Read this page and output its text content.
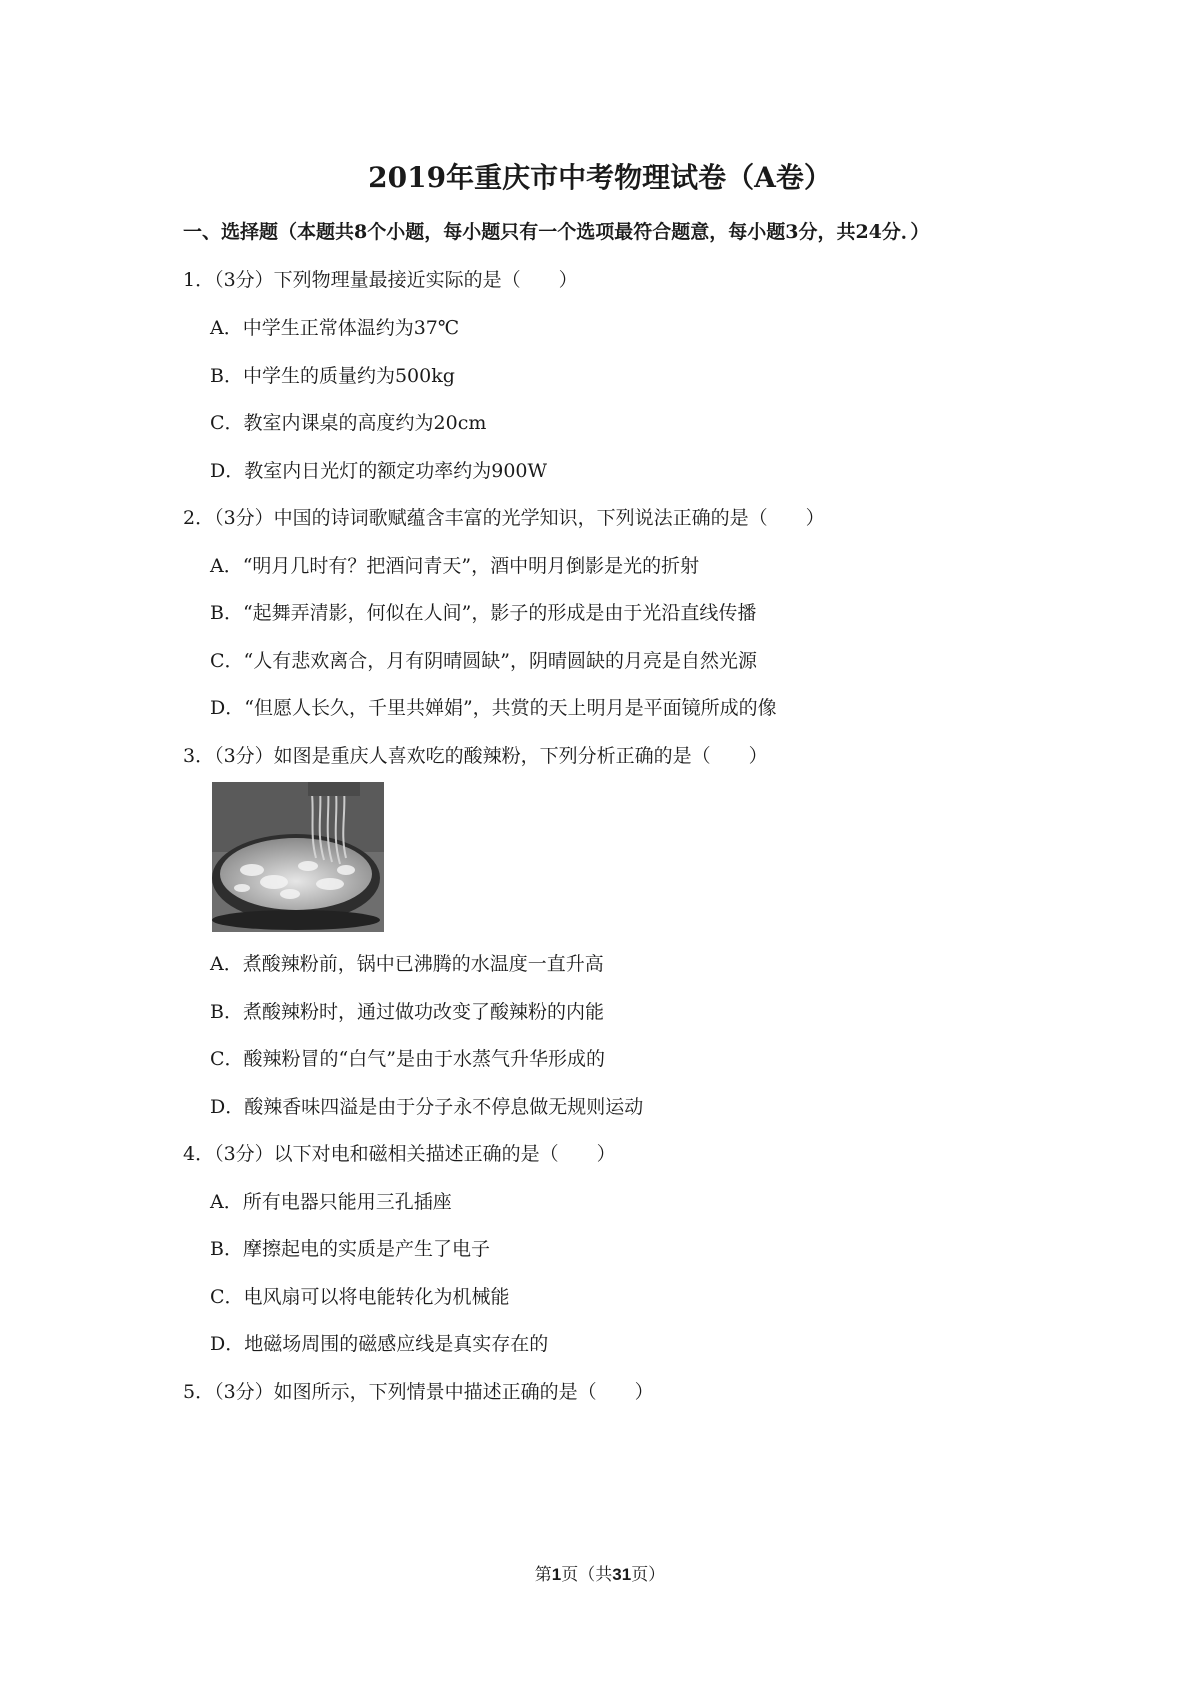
2019年重庆市中考物理试卷（A卷）
一、选择题（本题共8个小题，每小题只有一个选项最符合题意，每小题3分，共24分．）
1．（3分）下列物理量最接近实际的是（　　）
A．中学生正常体温约为37℃
B．中学生的质量约为500kg
C．教室内课桌的高度约为20cm
D．教室内日光灯的额定功率约为900W
2．（3分）中国的诗词歌赋蕴含丰富的光学知识，下列说法正确的是（　　）
A．“明月几时有？把酒问青天”，酒中明月倒影是光的折射
B．“起舞弄清影，何似在人间”，影子的形成是由于光沿直线传播
C．“人有悲欢离合，月有阴晴圆缺”，阴晴圆缺的月亮是自然光源
D．“但愿人长久，千里共婵娟”，共赏的天上明月是平面镜所成的像
3．（3分）如图是重庆人喜欢吃的酸辣粉，下列分析正确的是（　　）
A．煮酸辣粉前，锅中已沸腾的水温度一直升高
B．煮酸辣粉时，通过做功改变了酸辣粉的内能
C．酸辣粉冒的“白气”是由于水蒸气升华形成的
D．酸辣香味四溢是由于分子永不停息做无规则运动
4．（3分）以下对电和磁相关描述正确的是（　　）
A．所有电器只能用三孔插座
B．摩擦起电的实质是产生了电子
C．电风扇可以将电能转化为机械能
D．地磁场周围的磁感应线是真实存在的
5．（3分）如图所示，下列情景中描述正确的是（　　）
第1页（共31页）
